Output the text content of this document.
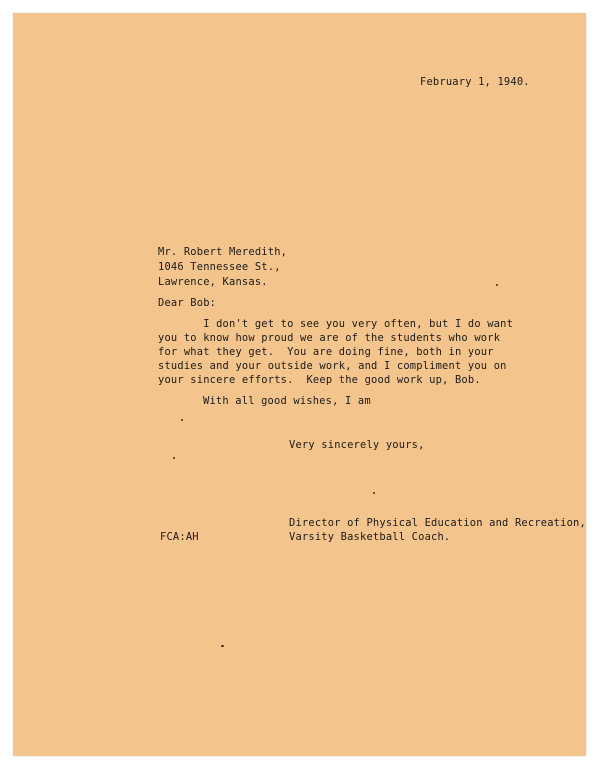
February 1, 1940.

Mr. Robert Meredith,

1046 Tennessee St.,

Lawrence, Kansas.

Dear Bob:

I don't get to see you very often, but I do want

you to know how proud we are of the students who work

for what they get.  You are doing fine, both in your

studies and your outside work, and I compliment you on

your sincere efforts.  Keep the good work up, Bob.

With all good wishes, I am

Very sincerely yours,

Director of Physical Education and Recreation,

Varsity Basketball Coach.

FCA:AH
